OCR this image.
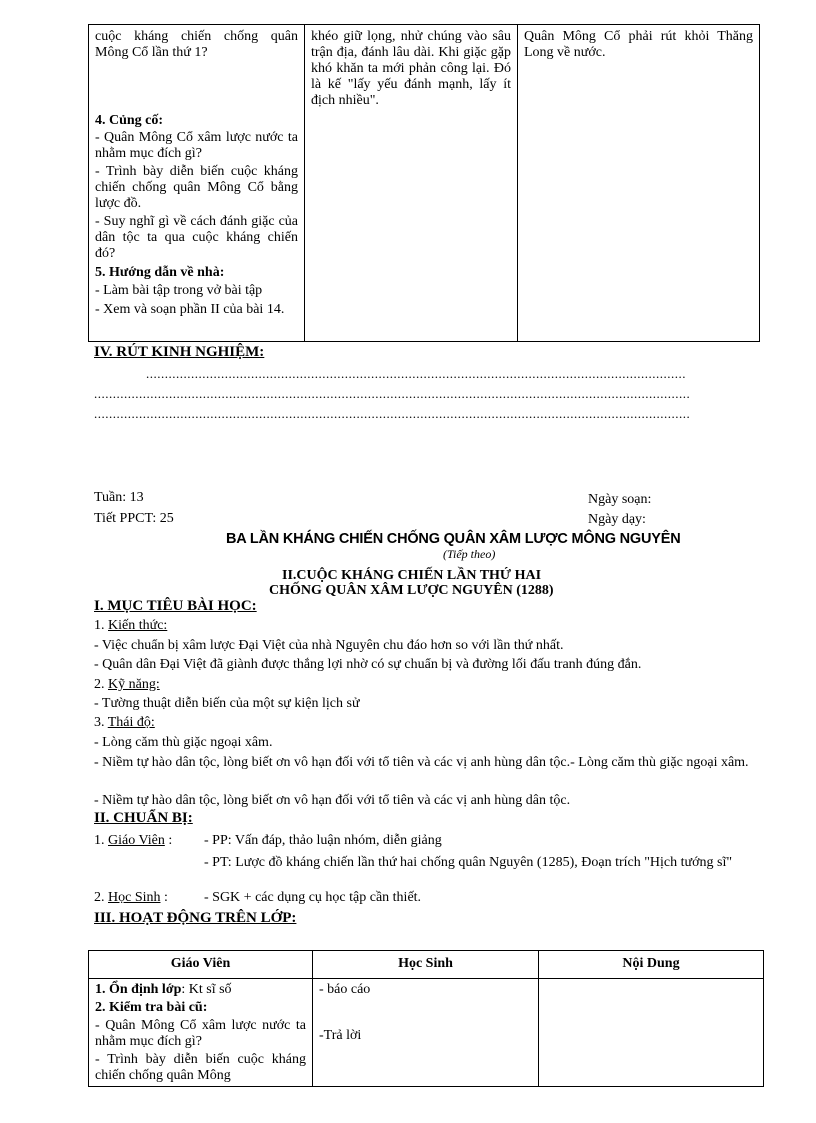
cuộc kháng chiến chống quân Mông Cổ lần thứ 1?

4. Củng cố:

- Quân Mông Cổ xâm lược nước ta nhằm mục đích gì?

- Trình bày diễn biến cuộc kháng chiến chống quân Mông Cổ bằng lược đồ.

- Suy nghĩ gì về cách đánh giặc của dân tộc ta qua cuộc kháng chiến đó?

5. Hướng dẫn về nhà:

- Làm bài tập trong vở bài tập

- Xem và soạn phần II của bài 14.

khéo giữ lọng, nhử chúng vào sâu trận địa, đánh lâu dài. Khi giặc gặp khó khăn ta mới phản công lại. Đó là kế "lấy yếu đánh mạnh, lấy ít địch nhiều".

Quân Mông Cổ phải rút khỏi Thăng Long về nước.

IV. RÚT KINH NGHIỆM:
................................................................................................................................................
...............................................................................................................................................................
...............................................................................................................................................................
Tuần: 13
Tiết PPCT: 25
Ngày soạn:
Ngày dạy:
BA LẦN KHÁNG CHIẾN CHỐNG QUÂN XÂM LƯỢC MÔNG NGUYÊN
(Tiếp theo)
II.CUỘC KHÁNG CHIẾN LẦN THỨ HAI
CHỐNG QUÂN XÂM LƯỢC NGUYÊN (1288)
I. MỤC TIÊU BÀI HỌC:
1. Kiến thức:
- Việc chuẩn bị xâm lược Đại Việt của nhà Nguyên chu đáo hơn so với lần thứ nhất.
- Quân dân Đại Việt đã giành được thắng lợi nhờ có sự chuẩn bị và đường lối đấu tranh đúng đắn.
2. Kỹ năng:
- Tường thuật diễn biến của một sự kiện lịch sử
3. Thái độ:
- Lòng căm thù giặc ngoại xâm.
- Niềm tự hào dân tộc, lòng biết ơn vô hạn đối với tổ tiên và các vị anh hùng dân tộc.- Lòng căm thù giặc ngoại xâm.
- Niềm tự hào dân tộc, lòng biết ơn vô hạn đối với tổ tiên và các vị anh hùng dân tộc.
II. CHUẨN BỊ:
1. Giáo Viên : - PP: Vấn đáp, thảo luận nhóm, diễn giảng
- PT: Lược đồ kháng chiến lần thứ hai chống quân Nguyên (1285), Đoạn trích "Hịch tướng sĩ"
2. Học Sinh :	- SGK + các dụng cụ học tập cần thiết.
III. HOẠT ĐỘNG TRÊN LỚP:
Giáo Viên

1. Ổn định lớp: Kt sĩ số

2. Kiểm tra bài cũ:

- Quân Mông Cổ xâm lược nước ta nhằm mục đích gì?

- Trình bày diễn biến cuộc kháng chiến chống quân Mông

Học Sinh

- báo cáo

-Trả lời

Nội Dung
